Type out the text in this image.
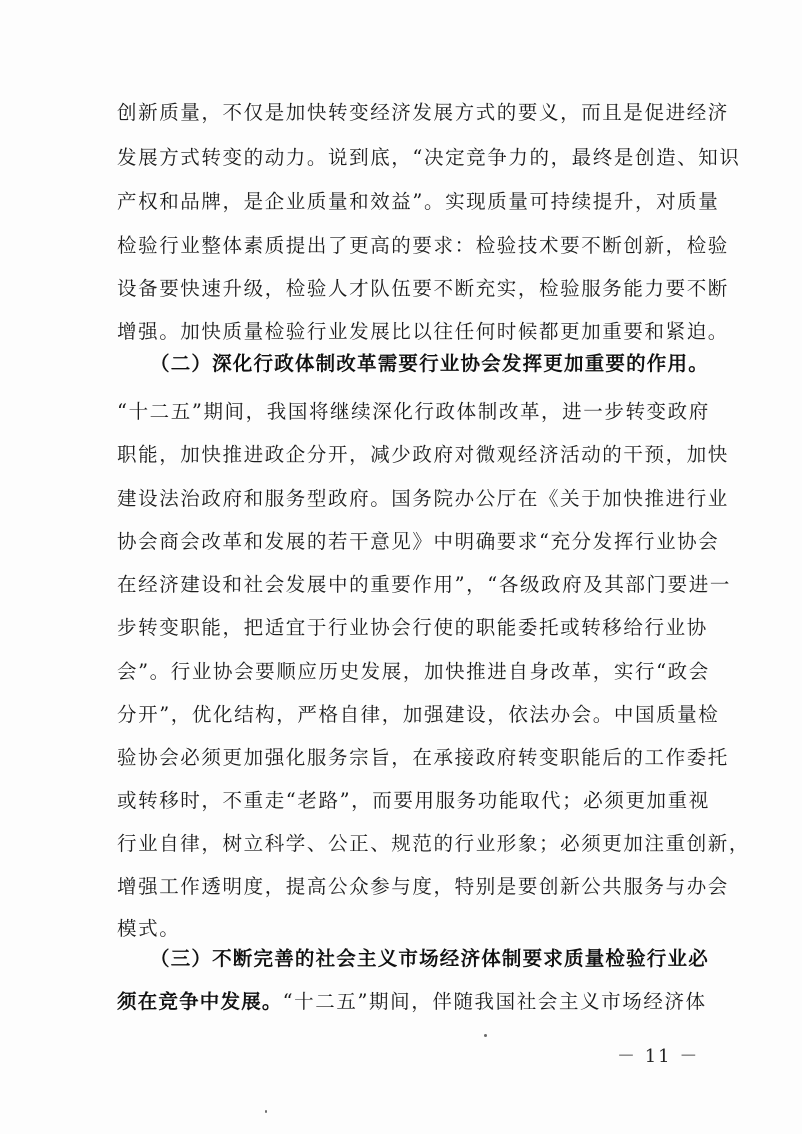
创新质量，不仅是加快转变经济发展方式的要义，而且是促进经济
发展方式转变的动力。说到底，“决定竞争力的，最终是创造、知识
产权和品牌，是企业质量和效益”。实现质量可持续提升，对质量
检验行业整体素质提出了更高的要求：检验技术要不断创新，检验
设备要快速升级，检验人才队伍要不断充实，检验服务能力要不断
增强。加快质量检验行业发展比以往任何时候都更加重要和紧迫。
（二）深化行政体制改革需要行业协会发挥更加重要的作用。
“十二五”期间，我国将继续深化行政体制改革，进一步转变政府
职能，加快推进政企分开，减少政府对微观经济活动的干预，加快
建设法治政府和服务型政府。国务院办公厅在《关于加快推进行业
协会商会改革和发展的若干意见》中明确要求“充分发挥行业协会
在经济建设和社会发展中的重要作用”，“各级政府及其部门要进一
步转变职能，把适宜于行业协会行使的职能委托或转移给行业协
会”。行业协会要顺应历史发展，加快推进自身改革，实行“政会
分开”，优化结构，严格自律，加强建设，依法办会。中国质量检
验协会必须更加强化服务宗旨，在承接政府转变职能后的工作委托
或转移时，不重走“老路”，而要用服务功能取代；必须更加重视
行业自律，树立科学、公正、规范的行业形象；必须更加注重创新，
增强工作透明度，提高公众参与度，特别是要创新公共服务与办会
模式。
（三）不断完善的社会主义市场经济体制要求质量检验行业必
须在竞争中发展。“十二五”期间，伴随我国社会主义市场经济体
－ 11 －
